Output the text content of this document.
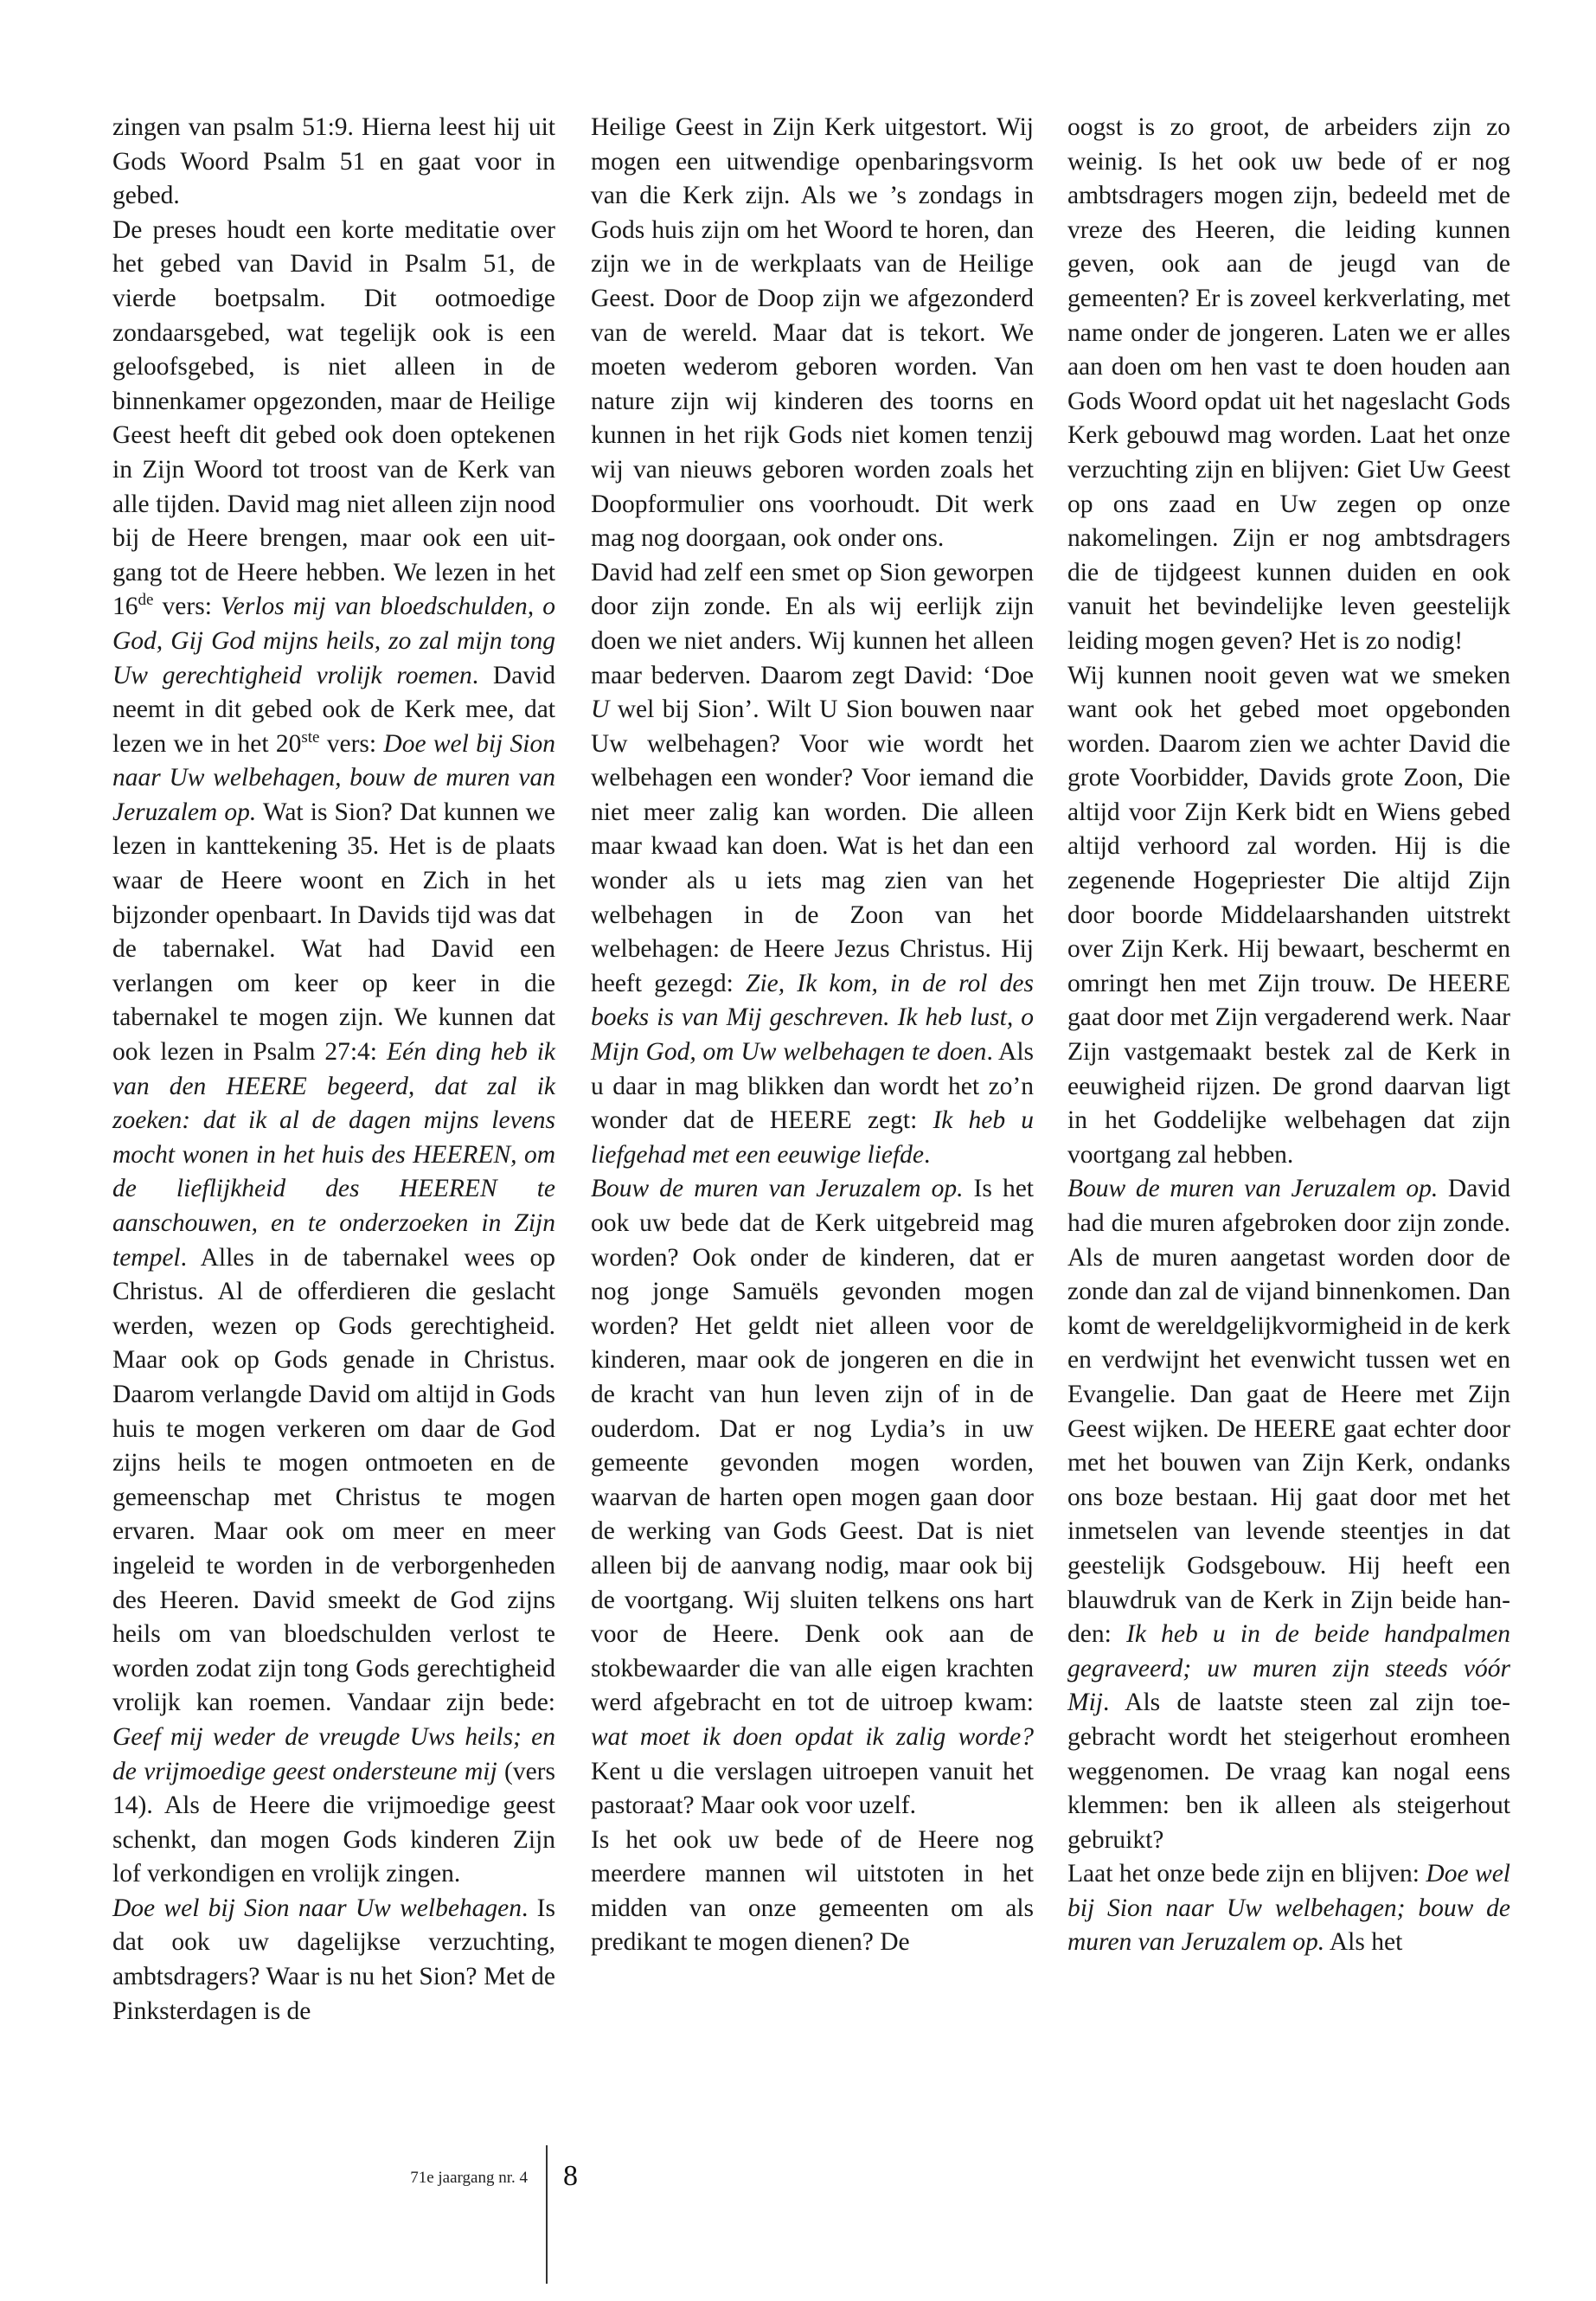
zingen van psalm 51:9. Hierna leest hij uit Gods Woord Psalm 51 en gaat voor in gebed.

De preses houdt een korte meditatie over het gebed van David in Psalm 51, de vierde boetpsalm. Dit ootmoedige zondaarsgebed, wat tegelijk ook is een geloofsgebed, is niet alleen in de binnenkamer opgezonden, maar de Heilige Geest heeft dit gebed ook doen optekenen in Zijn Woord tot troost van de Kerk van alle tijden. David mag niet alleen zijn nood bij de Heere brengen, maar ook een uitgang tot de Heere hebben. We lezen in het 16de vers: Verlos mij van bloedschulden, o God, Gij God mijns heils, zo zal mijn tong Uw gerechtigheid vrolijk roemen. David neemt in dit gebed ook de Kerk mee, dat lezen we in het 20ste vers: Doe wel bij Sion naar Uw welbehagen, bouw de muren van Jeruzalem op. Wat is Sion? Dat kunnen we lezen in kanttekening 35. Het is de plaats waar de Heere woont en Zich in het bijzonder openbaart. In Davids tijd was dat de tabernakel. Wat had David een verlangen om keer op keer in die tabernakel te mogen zijn. We kunnen dat ook lezen in Psalm 27:4: Eén ding heb ik van den HEERE begeerd, dat zal ik zoeken: dat ik al de dagen mijns levens mocht wonen in het huis des HEEREN, om de lieflijkheid des HEEREN te aanschouwen, en te onderzoeken in Zijn tempel. Alles in de tabernakel wees op Christus. Al de offerdieren die geslacht werden, wezen op Gods gerechtigheid. Maar ook op Gods genade in Christus. Daarom verlangde David om altijd in Gods huis te mogen verkeren om daar de God zijns heils te mogen ontmoeten en de gemeenschap met Christus te mogen ervaren. Maar ook om meer en meer ingeleid te worden in de verborgenheden des Heeren. David smeekt de God zijns heils om van bloedschulden verlost te worden zodat zijn tong Gods gerechtigheid vrolijk kan roemen. Vandaar zijn bede: Geef mij weder de vreugde Uws heils; en de vrijmoedige geest ondersteune mij (vers 14). Als de Heere die vrijmoedige geest schenkt, dan mogen Gods kinderen Zijn lof verkondigen en vrolijk zingen.

Doe wel bij Sion naar Uw welbehagen. Is dat ook uw dagelijkse verzuchting, ambtsdragers? Waar is nu het Sion? Met de Pinksterdagen is de

Heilige Geest in Zijn Kerk uitgestort. Wij mogen een uitwendige openbaringsvorm van die Kerk zijn. Als we ’s zondags in Gods huis zijn om het Woord te horen, dan zijn we in de werkplaats van de Heilige Geest. Door de Doop zijn we afgezonderd van de wereld. Maar dat is tekort. We moeten wederom geboren worden. Van nature zijn wij kinderen des toorns en kunnen in het rijk Gods niet komen tenzij wij van nieuws geboren worden zoals het Doopformulier ons voorhoudt. Dit werk mag nog doorgaan, ook onder ons.

David had zelf een smet op Sion geworpen door zijn zonde. En als wij eerlijk zijn doen we niet anders. Wij kunnen het alleen maar bederven. Daarom zegt David: ‘Doe U wel bij Sion’. Wilt U Sion bouwen naar Uw welbehagen? Voor wie wordt het welbehagen een wonder? Voor iemand die niet meer zalig kan worden. Die alleen maar kwaad kan doen. Wat is het dan een wonder als u iets mag zien van het welbehagen in de Zoon van het welbehagen: de Heere Jezus Christus. Hij heeft gezegd: Zie, Ik kom, in de rol des boeks is van Mij geschreven. Ik heb lust, o Mijn God, om Uw welbehagen te doen. Als u daar in mag blikken dan wordt het zo’n wonder dat de HEERE zegt: Ik heb u liefgehad met een eeuwige liefde.

Bouw de muren van Jeruzalem op. Is het ook uw bede dat de Kerk uitgebreid mag worden? Ook onder de kinderen, dat er nog jonge Samuëls gevonden mogen worden? Het geldt niet alleen voor de kinderen, maar ook de jongeren en die in de kracht van hun leven zijn of in de ouderdom. Dat er nog Lydia’s in uw gemeente gevonden mogen worden, waarvan de harten open mogen gaan door de werking van Gods Geest. Dat is niet alleen bij de aanvang nodig, maar ook bij de voortgang. Wij sluiten telkens ons hart voor de Heere. Denk ook aan de stokbewaarder die van alle eigen krachten werd afgebracht en tot de uitroep kwam: wat moet ik doen opdat ik zalig worde? Kent u die verslagen uitroepen vanuit het pastoraat? Maar ook voor uzelf.

Is het ook uw bede of de Heere nog meerdere mannen wil uitstoten in het midden van onze gemeenten om als predikant te mogen dienen? De

oogst is zo groot, de arbeiders zijn zo weinig. Is het ook uw bede of er nog ambtsdragers mogen zijn, bedeeld met de vreze des Heeren, die leiding kunnen geven, ook aan de jeugd van de gemeenten? Er is zoveel kerkverlating, met name onder de jongeren. Laten we er alles aan doen om hen vast te doen houden aan Gods Woord opdat uit het nageslacht Gods Kerk gebouwd mag worden. Laat het onze verzuchting zijn en blijven: Giet Uw Geest op ons zaad en Uw zegen op onze nakomelingen. Zijn er nog ambtsdragers die de tijdgeest kunnen duiden en ook vanuit het bevindelijke leven geestelijk leiding mogen geven? Het is zo nodig!

Wij kunnen nooit geven wat we smeken want ook het gebed moet opgebonden worden. Daarom zien we achter David die grote Voorbidder, Davids grote Zoon, Die altijd voor Zijn Kerk bidt en Wiens gebed altijd verhoord zal worden. Hij is die zegenende Hogepriester Die altijd Zijn door boorde Middelaarshanden uitstrekt over Zijn Kerk. Hij bewaart, beschermt en omringt hen met Zijn trouw. De HEERE gaat door met Zijn vergaderend werk. Naar Zijn vastgemaakt bestek zal de Kerk in eeuwigheid rijzen. De grond daarvan ligt in het Goddelijke welbehagen dat zijn voortgang zal hebben.

Bouw de muren van Jeruzalem op. David had die muren afgebroken door zijn zonde. Als de muren aangetast worden door de zonde dan zal de vijand binnenkomen. Dan komt de wereldgelijkvormigheid in de kerk en verdwijnt het evenwicht tussen wet en Evangelie. Dan gaat de Heere met Zijn Geest wijken. De HEERE gaat echter door met het bouwen van Zijn Kerk, ondanks ons boze bestaan. Hij gaat door met het inmetselen van levende steentjes in dat geestelijk Godsgebouw. Hij heeft een blauwdruk van de Kerk in Zijn beide handen: Ik heb u in de beide handpalmen gegraveerd; uw muren zijn steeds vóór Mij. Als de laatste steen zal zijn toegebracht wordt het steigerhout eromheen weggenomen. De vraag kan nogal eens klemmen: ben ik alleen als steigerhout gebruikt?

Laat het onze bede zijn en blijven: Doe wel bij Sion naar Uw welbehagen; bouw de muren van Jeruzalem op. Als het

71e jaargang nr. 4 8
